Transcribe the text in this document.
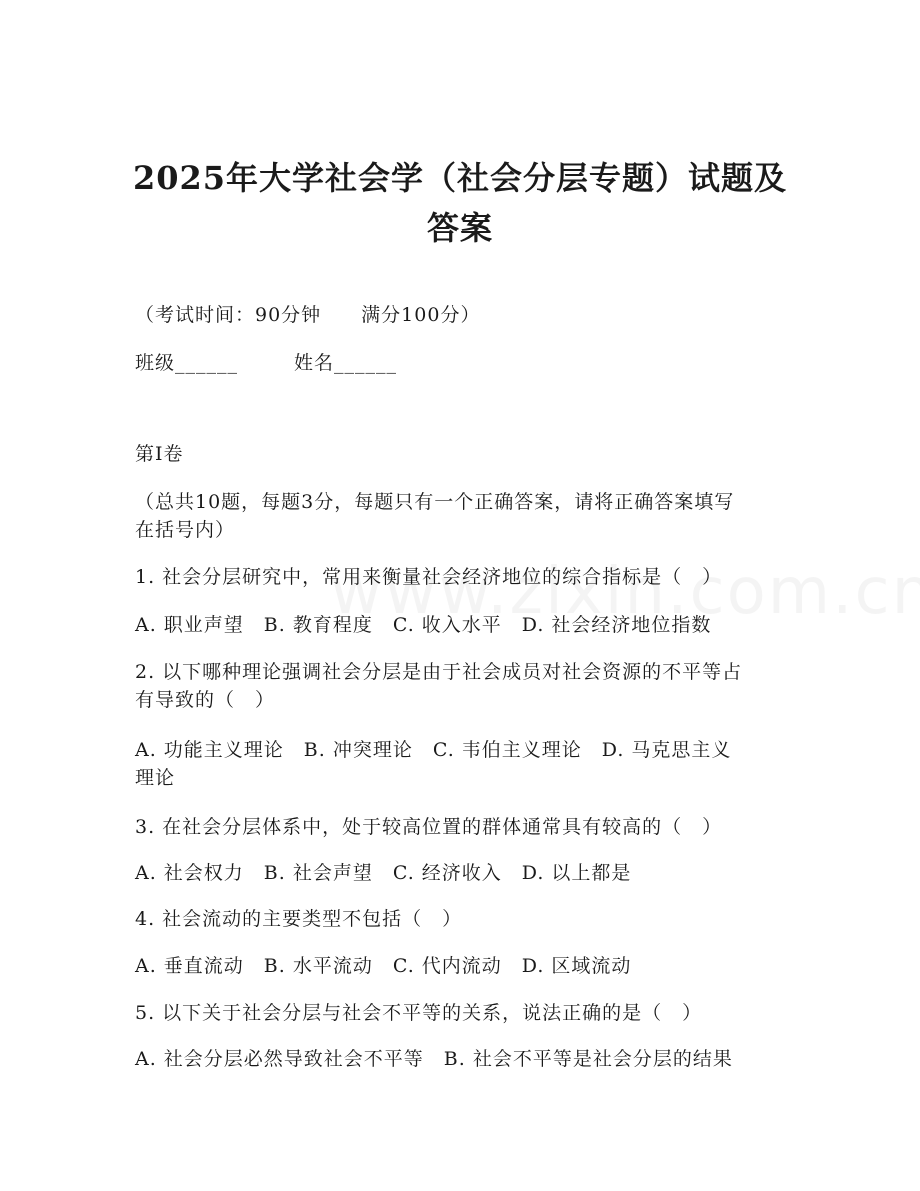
2025年大学社会学（社会分层专题）试题及
答案
（考试时间：90分钟　　满分100分）
班级______	姓名______
第I卷
（总共10题，每题3分，每题只有一个正确答案，请将正确答案填写
在括号内）
1. 社会分层研究中，常用来衡量社会经济地位的综合指标是（　）
A. 职业声望　B. 教育程度　C. 收入水平　D. 社会经济地位指数
2. 以下哪种理论强调社会分层是由于社会成员对社会资源的不平等占
有导致的（　）
A. 功能主义理论　B. 冲突理论　C. 韦伯主义理论　D. 马克思主义
理论
3. 在社会分层体系中，处于较高位置的群体通常具有较高的（　）
A. 社会权力　B. 社会声望　C. 经济收入　D. 以上都是
4. 社会流动的主要类型不包括（　）
A. 垂直流动　B. 水平流动　C. 代内流动　D. 区域流动
5. 以下关于社会分层与社会不平等的关系，说法正确的是（　）
A. 社会分层必然导致社会不平等　B. 社会不平等是社会分层的结果
